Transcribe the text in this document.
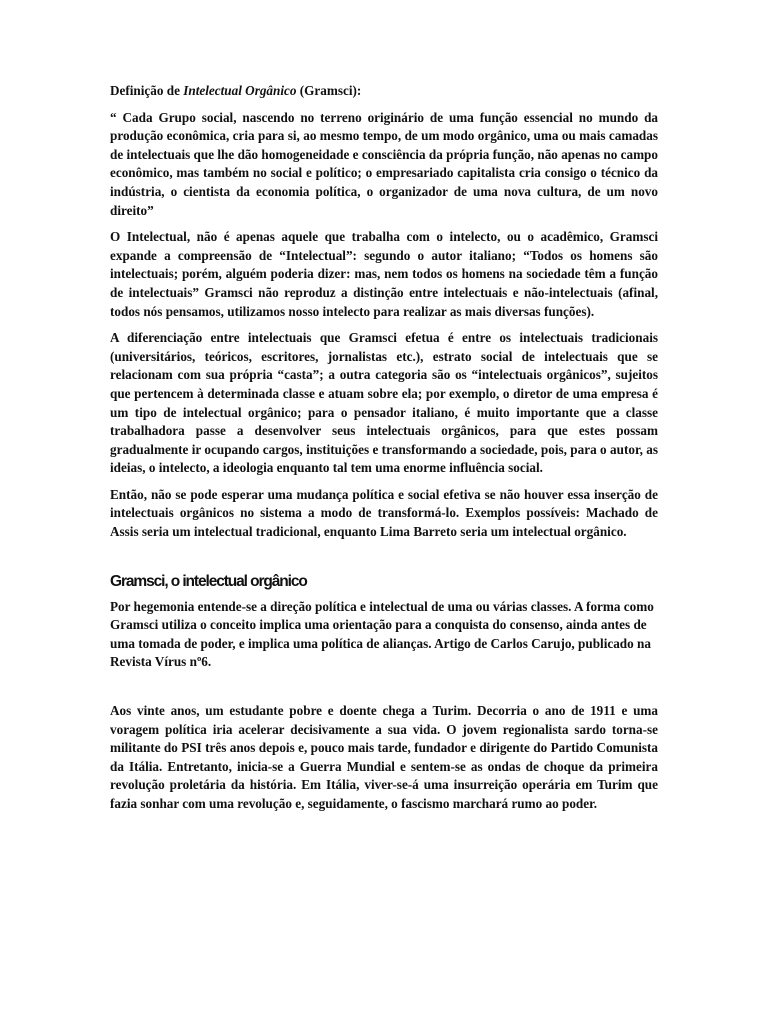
Definição de Intelectual Orgânico (Gramsci):

“ Cada Grupo social, nascendo no terreno originário de uma função essencial no mundo da produção econômica, cria para si, ao mesmo tempo, de um modo orgânico, uma ou mais camadas de intelectuais que lhe dão homogeneidade e consciência da própria função, não apenas no campo econômico, mas também no social e político; o empresariado capitalista cria consigo o técnico da indústria, o cientista da economia política, o organizador de uma nova cultura, de um novo direito”

O Intelectual, não é apenas aquele que trabalha com o intelecto, ou o acadêmico, Gramsci expande a compreensão de “Intelectual”: segundo o autor italiano; “Todos os homens são intelectuais; porém, alguém poderia dizer: mas, nem todos os homens na sociedade têm a função de intelectuais” Gramsci não reproduz a distinção entre intelectuais e não-intelectuais (afinal, todos nós pensamos, utilizamos nosso intelecto para realizar as mais diversas funções).

A diferenciação entre intelectuais que Gramsci efetua é entre os intelectuais tradicionais (universitários, teóricos, escritores, jornalistas etc.), estrato social de intelectuais que se relacionam com sua própria “casta”; a outra categoria são os “intelectuais orgânicos”, sujeitos que pertencem à determinada classe e atuam sobre ela; por exemplo, o diretor de uma empresa é um tipo de intelectual orgânico; para o pensador italiano, é muito importante que a classe trabalhadora passe a desenvolver seus intelectuais orgânicos, para que estes possam gradualmente ir ocupando cargos, instituições e transformando a sociedade, pois, para o autor, as ideias, o intelecto, a ideologia enquanto tal tem uma enorme influência social.

Então, não se pode esperar uma mudança política e social efetiva se não houver essa inserção de intelectuais orgânicos no sistema a modo de transformá-lo. Exemplos possíveis: Machado de Assis seria um intelectual tradicional, enquanto Lima Barreto seria um intelectual orgânico.

Gramsci, o intelectual orgânico

Por hegemonia entende-se a direção política e intelectual de uma ou várias classes. A forma como Gramsci utiliza o conceito implica uma orientação para a conquista do consenso, ainda antes de uma tomada de poder, e implica uma política de alianças. Artigo de Carlos Carujo, publicado na Revista Vírus nº6.

Aos vinte anos, um estudante pobre e doente chega a Turim. Decorria o ano de 1911 e uma voragem política iria acelerar decisivamente a sua vida. O jovem regionalista sardo torna-se militante do PSI três anos depois e, pouco mais tarde, fundador e dirigente do Partido Comunista da Itália. Entretanto, inicia-se a Guerra Mundial e sentem-se as ondas de choque da primeira revolução proletária da história. Em Itália, viver-se-á uma insurreição operária em Turim que fazia sonhar com uma revolução e, seguidamente, o fascismo marchará rumo ao poder.
